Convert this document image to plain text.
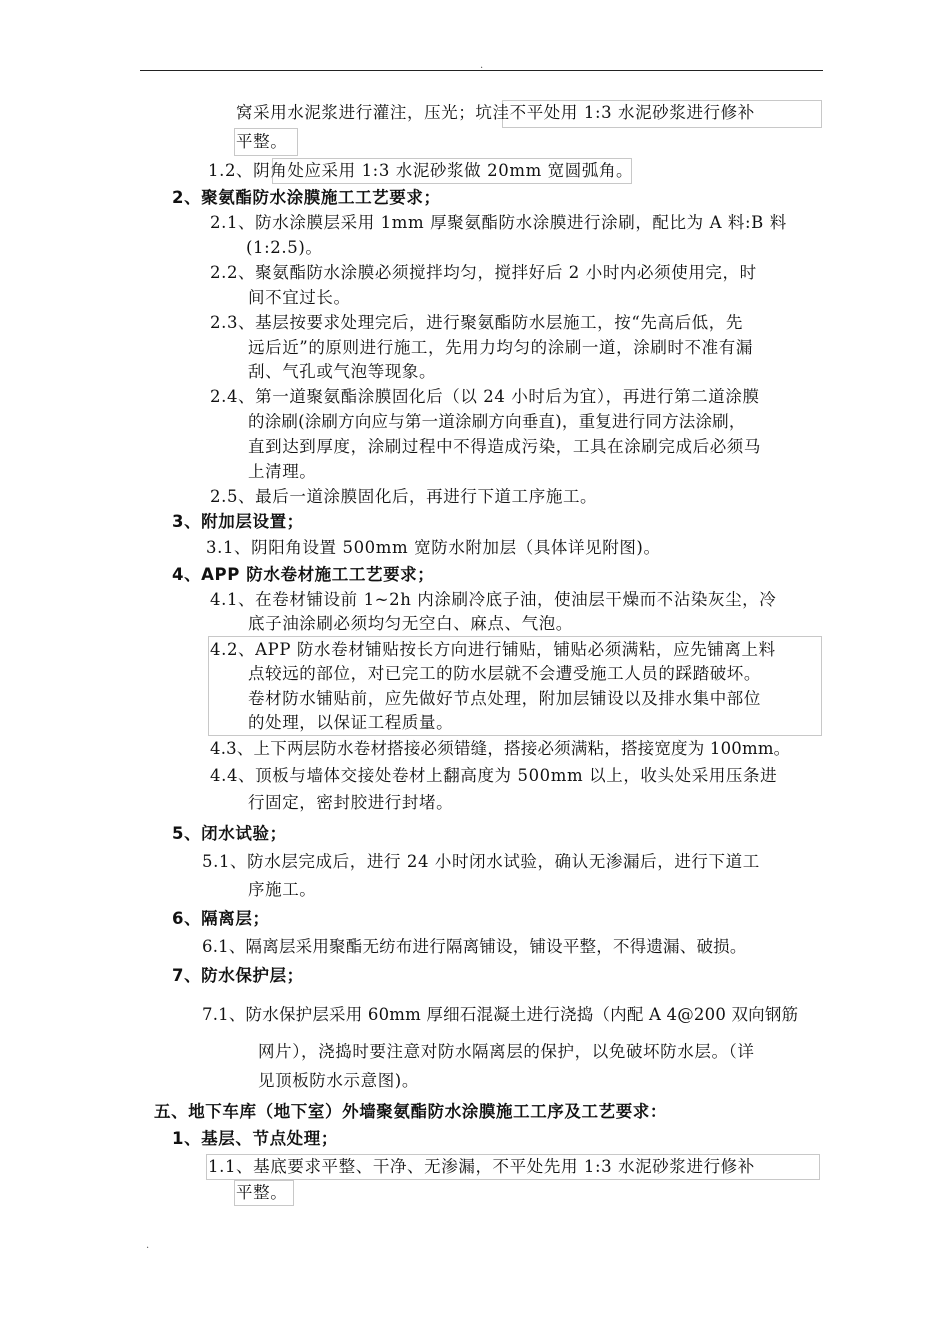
.
窝采用水泥浆进行灌注，压光；坑洼不平处用 1:3 水泥砂浆进行修补
平整。
1.2、阴角处应采用 1:3 水泥砂浆做 20mm 宽圆弧角。
2、聚氨酯防水涂膜施工工艺要求；
2.1、防水涂膜层采用 1mm 厚聚氨酯防水涂膜进行涂刷，配比为 A 料:B 料
(1:2.5)。
2.2、聚氨酯防水涂膜必须搅拌均匀，搅拌好后 2 小时内必须使用完，时
间不宜过长。
2.3、基层按要求处理完后，进行聚氨酯防水层施工，按“先高后低，先
远后近”的原则进行施工，先用力均匀的涂刷一道，涂刷时不准有漏
刮、气孔或气泡等现象。
2.4、第一道聚氨酯涂膜固化后（以 24 小时后为宜），再进行第二道涂膜
的涂刷(涂刷方向应与第一道涂刷方向垂直)，重复进行同方法涂刷，
直到达到厚度，涂刷过程中不得造成污染，工具在涂刷完成后必须马
上清理。
2.5、最后一道涂膜固化后，再进行下道工序施工。
3、附加层设置；
3.1、阴阳角设置 500mm 宽防水附加层（具体详见附图)。
4、APP 防水卷材施工工艺要求；
4.1、在卷材铺设前 1~2h 内涂刷冷底子油，使油层干燥而不沾染灰尘，冷
底子油涂刷必须均匀无空白、麻点、气泡。
4.2、APP 防水卷材铺贴按长方向进行铺贴，铺贴必须满粘，应先铺离上料
点较远的部位，对已完工的防水层就不会遭受施工人员的踩踏破坏。
卷材防水铺贴前，应先做好节点处理，附加层铺设以及排水集中部位
的处理，以保证工程质量。
4.3、上下两层防水卷材搭接必须错缝，搭接必须满粘，搭接宽度为 100mm。
4.4、顶板与墙体交接处卷材上翻高度为 500mm 以上，收头处采用压条进
行固定，密封胶进行封堵。
5、闭水试验；
5.1、防水层完成后，进行 24 小时闭水试验，确认无渗漏后，进行下道工
序施工。
6、隔离层；
6.1、隔离层采用聚酯无纺布进行隔离铺设，铺设平整，不得遗漏、破损。
7、防水保护层；
7.1、防水保护层采用 60mm 厚细石混凝土进行浇捣（内配 A 4@200 双向钢筋
网片），浇捣时要注意对防水隔离层的保护，以免破坏防水层。（详
见顶板防水示意图)。
五、地下车库（地下室）外墙聚氨酯防水涂膜施工工序及工艺要求：
1、基层、节点处理；
1.1、基底要求平整、干净、无渗漏，不平处先用 1:3 水泥砂浆进行修补
平整。
.
